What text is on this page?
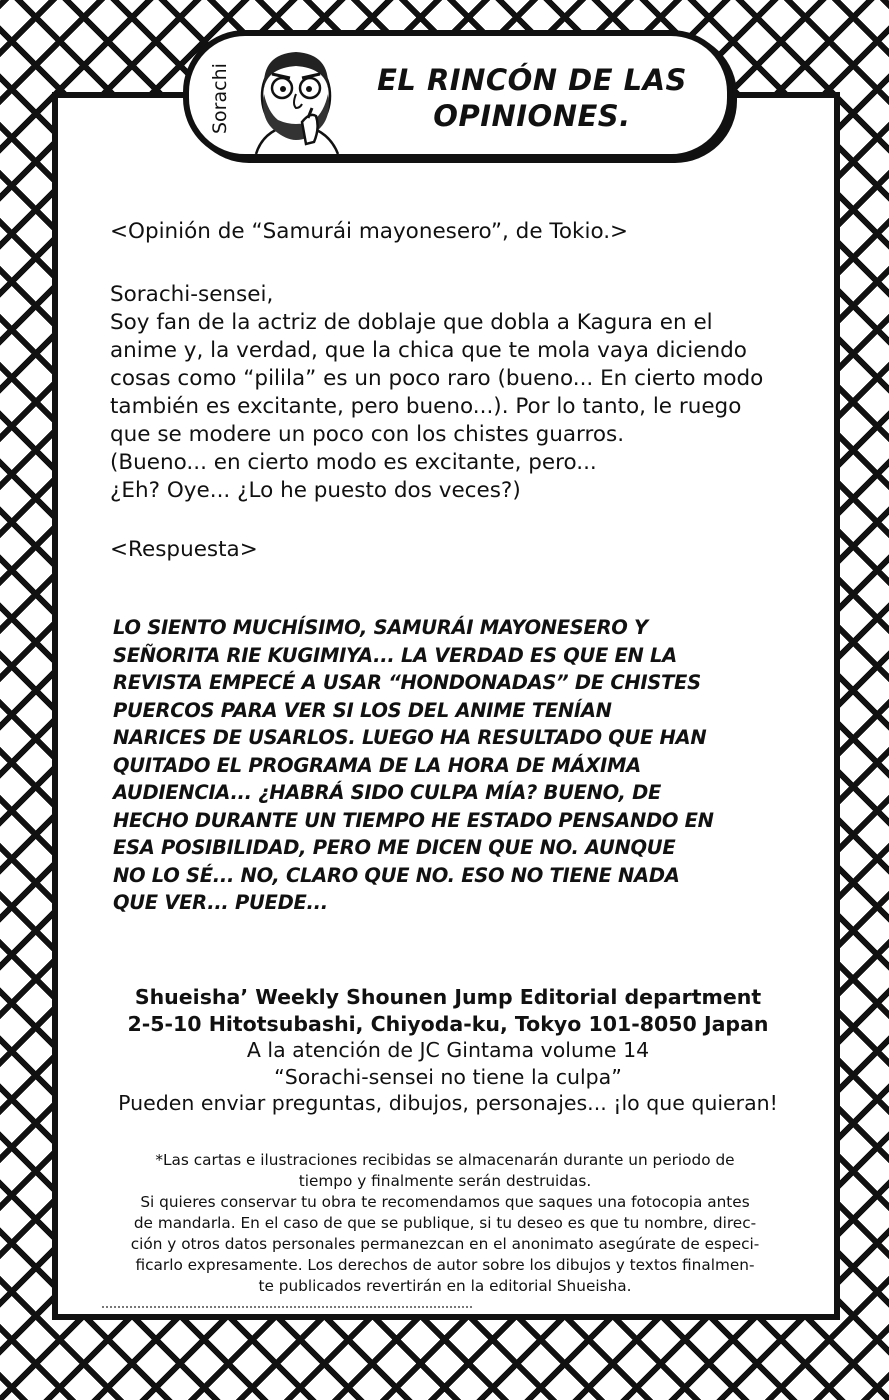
Sorachi	EL RINCÓN DE LAS
OPINIONES.
<Opinión de “Samurái mayonesero”, de Tokio.>
Sorachi-sensei,
Soy fan de la actriz de doblaje que dobla a Kagura en el
anime y, la verdad, que la chica que te mola vaya diciendo
cosas como “pilila” es un poco raro (bueno... En cierto modo
también es excitante, pero bueno...). Por lo tanto, le ruego
que se modere un poco con los chistes guarros.
(Bueno... en cierto modo es excitante, pero...
¿Eh? Oye... ¿Lo he puesto dos veces?)
<Respuesta>
LO SIENTO MUCHÍSIMO, SAMURÁI MAYONESERO Y
SEÑORITA RIE KUGIMIYA... LA VERDAD ES QUE EN LA
REVISTA EMPECÉ A USAR “HONDONADAS” DE CHISTES
PUERCOS PARA VER SI LOS DEL ANIME TENÍAN
NARICES DE USARLOS. LUEGO HA RESULTADO QUE HAN
QUITADO EL PROGRAMA DE LA HORA DE MÁXIMA
AUDIENCIA... ¿HABRÁ SIDO CULPA MÍA? BUENO, DE
HECHO DURANTE UN TIEMPO HE ESTADO PENSANDO EN
ESA POSIBILIDAD, PERO ME DICEN QUE NO. AUNQUE
NO LO SÉ... NO, CLARO QUE NO. ESO NO TIENE NADA
QUE VER... PUEDE...
Shueisha’ Weekly Shounen Jump Editorial department
2-5-10 Hitotsubashi, Chiyoda-ku, Tokyo 101-8050 Japan
A la atención de JC Gintama volume 14
“Sorachi-sensei no tiene la culpa”
Pueden enviar preguntas, dibujos, personajes... ¡lo que quieran!
*Las cartas e ilustraciones recibidas se almacenarán durante un periodo de
tiempo y finalmente serán destruidas.
Si quieres conservar tu obra te recomendamos que saques una fotocopia antes
de mandarla. En el caso de que se publique, si tu deseo es que tu nombre, direc-
ción y otros datos personales permanezcan en el anonimato asegúrate de especi-
ficarlo expresamente. Los derechos de autor sobre los dibujos y textos finalmen-
te publicados revertirán en la editorial Shueisha.
